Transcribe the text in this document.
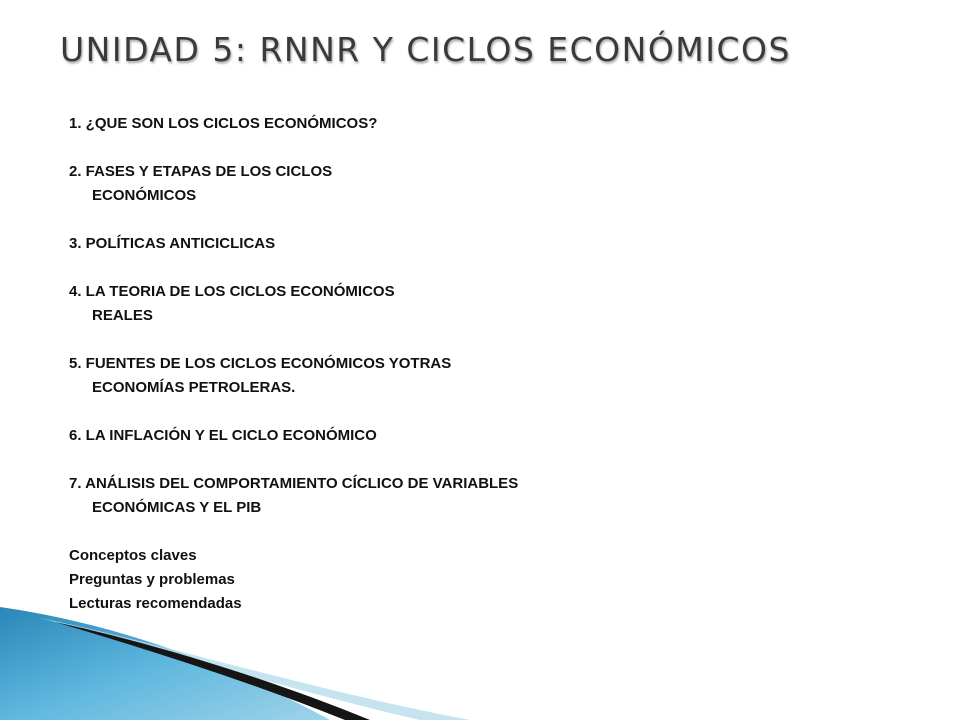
UNIDAD 5: RNNR Y CICLOS ECONÓMICOS
1. ¿QUE SON LOS CICLOS ECONÓMICOS?
2. FASES Y ETAPAS DE LOS CICLOS
ECONÓMICOS
3. POLÍTICAS ANTICICLICAS
4. LA TEORIA DE LOS CICLOS ECONÓMICOS
REALES
5. FUENTES DE LOS CICLOS ECONÓMICOS YOTRAS
ECONOMÍAS PETROLERAS.
6. LA INFLACIÓN Y EL CICLO ECONÓMICO
7. ANÁLISIS DEL COMPORTAMIENTO CÍCLICO DE VARIABLES
ECONÓMICAS Y EL PIB
Conceptos claves
Preguntas y problemas
Lecturas recomendadas
